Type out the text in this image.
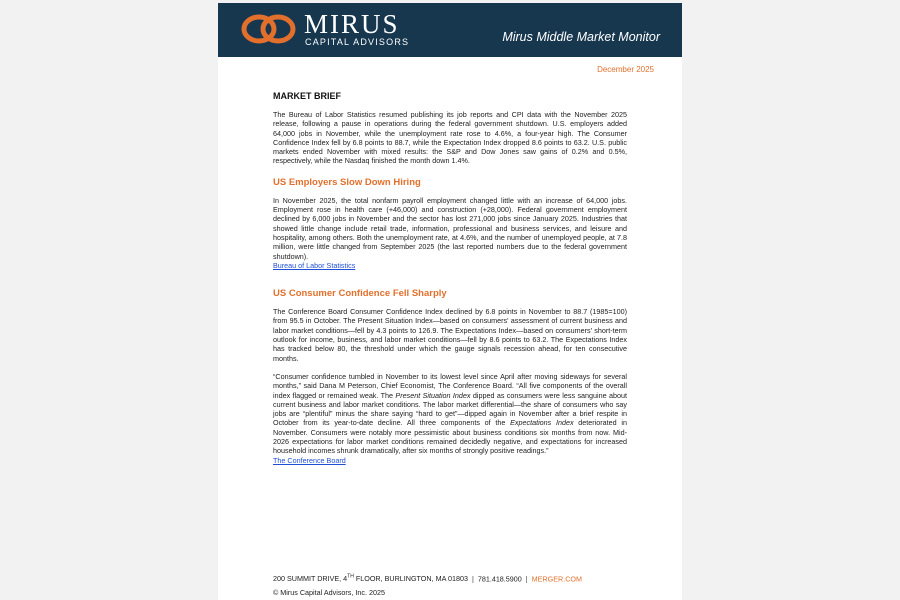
MIRUS
CAPITAL ADVISORS	Mirus Middle Market Monitor
December 2025
MARKET BRIEF

The Bureau of Labor Statistics resumed publishing its job reports and CPI data with the November 2025 release, following a pause in operations during the federal government shutdown. U.S. employers added 64,000 jobs in November, while the unemployment rate rose to 4.6%, a four-year high. The Consumer Confidence Index fell by 6.8 points to 88.7, while the Expectation Index dropped 8.6 points to 63.2. U.S. public markets ended November with mixed results: the S&P and Dow Jones saw gains of 0.2% and 0.5%, respectively, while the Nasdaq finished the month down 1.4%.

US Employers Slow Down Hiring

In November 2025, the total nonfarm payroll employment changed little with an increase of 64,000 jobs. Employment rose in health care (+46,000) and construction (+28,000). Federal government employment declined by 6,000 jobs in November and the sector has lost 271,000 jobs since January 2025. Industries that showed little change include retail trade, information, professional and business services, and leisure and hospitality, among others. Both the unemployment rate, at 4.6%, and the number of unemployed people, at 7.8 million, were little changed from September 2025 (the last reported numbers due to the federal government shutdown).

Bureau of Labor Statistics
US Consumer Confidence Fell Sharply

The Conference Board Consumer Confidence Index declined by 6.8 points in November to 88.7 (1985=100) from 95.5 in October. The Present Situation Index—based on consumers' assessment of current business and labor market conditions—fell by 4.3 points to 126.9. The Expectations Index—based on consumers' short-term outlook for income, business, and labor market conditions—fell by 8.6 points to 63.2. The Expectations Index has tracked below 80, the threshold under which the gauge signals recession ahead, for ten consecutive months.

“Consumer confidence tumbled in November to its lowest level since April after moving sideways for several months,” said Dana M Peterson, Chief Economist, The Conference Board. “All five components of the overall index flagged or remained weak. The Present Situation Index dipped as consumers were less sanguine about current business and labor market conditions. The labor market differential—the share of consumers who say jobs are “plentiful” minus the share saying “hard to get”—dipped again in November after a brief respite in October from its year-to-date decline. All three components of the Expectations Index deteriorated in November. Consumers were notably more pessimistic about business conditions six months from now. Mid-2026 expectations for labor market conditions remained decidedly negative, and expectations for increased household incomes shrunk dramatically, after six months of strongly positive readings.”

The Conference Board
200 SUMMIT DRIVE, 4TH FLOOR, BURLINGTON, MA 01803 | 781.418.5900 | MERGER.COM
© Mirus Capital Advisors, Inc. 2025
